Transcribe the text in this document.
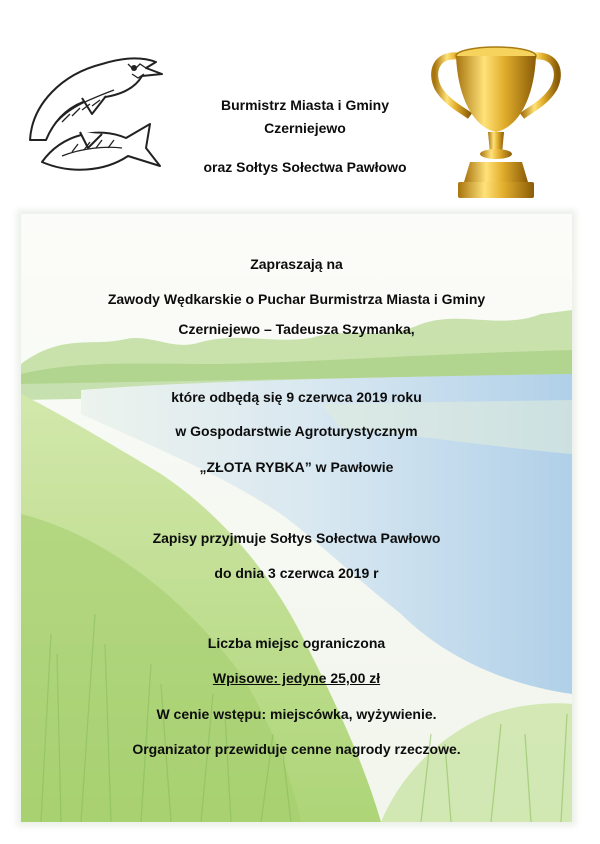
Burmistrz Miasta i Gminy
Czerniejewo
oraz Sołtys Sołectwa Pawłowo
Zapraszają na
Zawody Wędkarskie o Puchar Burmistrza Miasta i Gminy
Czerniejewo – Tadeusza Szymanka,
które odbędą się 9 czerwca 2019 roku
w Gospodarstwie Agroturystycznym
„ZŁOTA RYBKA” w Pawłowie
Zapisy przyjmuje Sołtys Sołectwa Pawłowo
do dnia 3 czerwca 2019 r
Liczba miejsc ograniczona
Wpisowe: jedyne 25,00 zł
W cenie wstępu: miejscówka, wyżywienie.
Organizator przewiduje cenne nagrody rzeczowe.
